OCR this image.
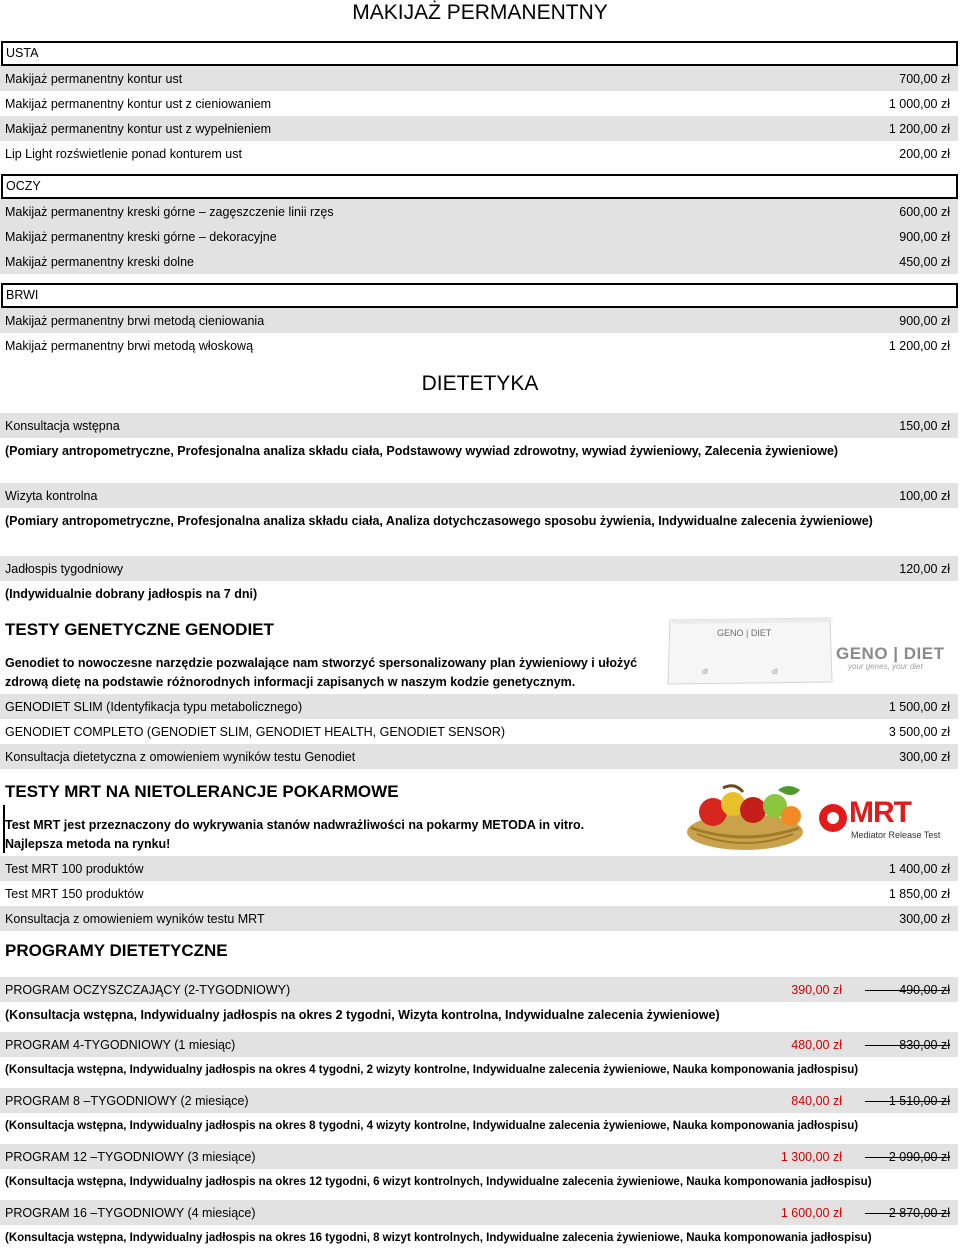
MAKIJAŻ PERMANENTNY
USTA
Makijaż permanentny kontur ust	700,00 zł
Makijaż permanentny kontur ust z cieniowaniem	1 000,00 zł
Makijaż permanentny kontur ust z wypełnieniem	1 200,00 zł
Lip Light rozświetlenie ponad konturem ust	200,00 zł
OCZY
Makijaż permanentny kreski górne – zagęszczenie linii rzęs	600,00 zł
Makijaż permanentny kreski górne – dekoracyjne	900,00 zł
Makijaż permanentny kreski dolne	450,00 zł
BRWI
Makijaż permanentny brwi metodą cieniowania	900,00 zł
Makijaż permanentny brwi metodą włoskową	1 200,00 zł
DIETETYKA
Konsultacja wstępna	150,00 zł
(Pomiary antropometryczne, Profesjonalna analiza składu ciała, Podstawowy wywiad zdrowotny, wywiad żywieniowy, Zalecenia żywieniowe)
Wizyta kontrolna	100,00 zł
(Pomiary antropometryczne, Profesjonalna analiza składu ciała, Analiza dotychczasowego sposobu żywienia, Indywidualne zalecenia żywieniowe)
Jadłospis tygodniowy	120,00 zł
(Indywidualnie dobrany jadłospis na 7 dni)
TESTY GENETYCZNE GENODIET
Genodiet to nowoczesne narzędzie pozwalające nam stworzyć spersonalizowany plan żywieniowy i ułożyć zdrową dietę na podstawie różnorodnych informacji zapisanych w naszym kodzie genetycznym.
GENO | DIET
df	df
GENO | DIET
your genes, your diet
GENODIET SLIM (Identyfikacja typu metabolicznego)	1 500,00 zł
GENODIET COMPLETO (GENODIET SLIM, GENODIET HEALTH, GENODIET SENSOR)	3 500,00 zł
Konsultacja dietetyczna z omowieniem wyników testu Genodiet	300,00 zł
TESTY MRT NA NIETOLERANCJE POKARMOWE
Test MRT jest przeznaczony do wykrywania stanów nadwrażliwości na pokarmy METODA in vitro. Najlepsza metoda na rynku!
MRT
Mediator Release Test
Test MRT 100 produktów	1 400,00 zł
Test MRT 150 produktów	1 850,00 zł
Konsultacja z omowieniem wyników testu MRT	300,00 zł
PROGRAMY DIETETYCZNE
PROGRAM OCZYSZCZAJĄCY (2-TYGODNIOWY)	390,00 zł	490,00 zł
(Konsultacja wstępna, Indywidualny jadłospis na okres 2 tygodni, Wizyta kontrolna, Indywidualne zalecenia żywieniowe)
PROGRAM 4-TYGODNIOWY (1 miesiąc)	480,00 zł	830,00 zł
(Konsultacja wstępna, Indywidualny jadłospis na okres 4 tygodni, 2 wizyty kontrolne, Indywidualne zalecenia żywieniowe, Nauka komponowania jadłospisu)
PROGRAM 8 –TYGODNIOWY (2 miesiące)	840,00 zł	1 510,00 zł
(Konsultacja wstępna, Indywidualny jadłospis na okres 8 tygodni, 4 wizyty kontrolne, Indywidualne zalecenia żywieniowe, Nauka komponowania jadłospisu)
PROGRAM 12 –TYGODNIOWY (3 miesiące)	1 300,00 zł	2 090,00 zł
(Konsultacja wstępna, Indywidualny jadłospis na okres 12 tygodni, 6 wizyt kontrolnych, Indywidualne zalecenia żywieniowe, Nauka komponowania jadłospisu)
PROGRAM 16 –TYGODNIOWY (4 miesiące)	1 600,00 zł	2 870,00 zł
(Konsultacja wstępna, Indywidualny jadłospis na okres 16 tygodni, 8 wizyt kontrolnych, Indywidualne zalecenia żywieniowe, Nauka komponowania jadłospisu)
